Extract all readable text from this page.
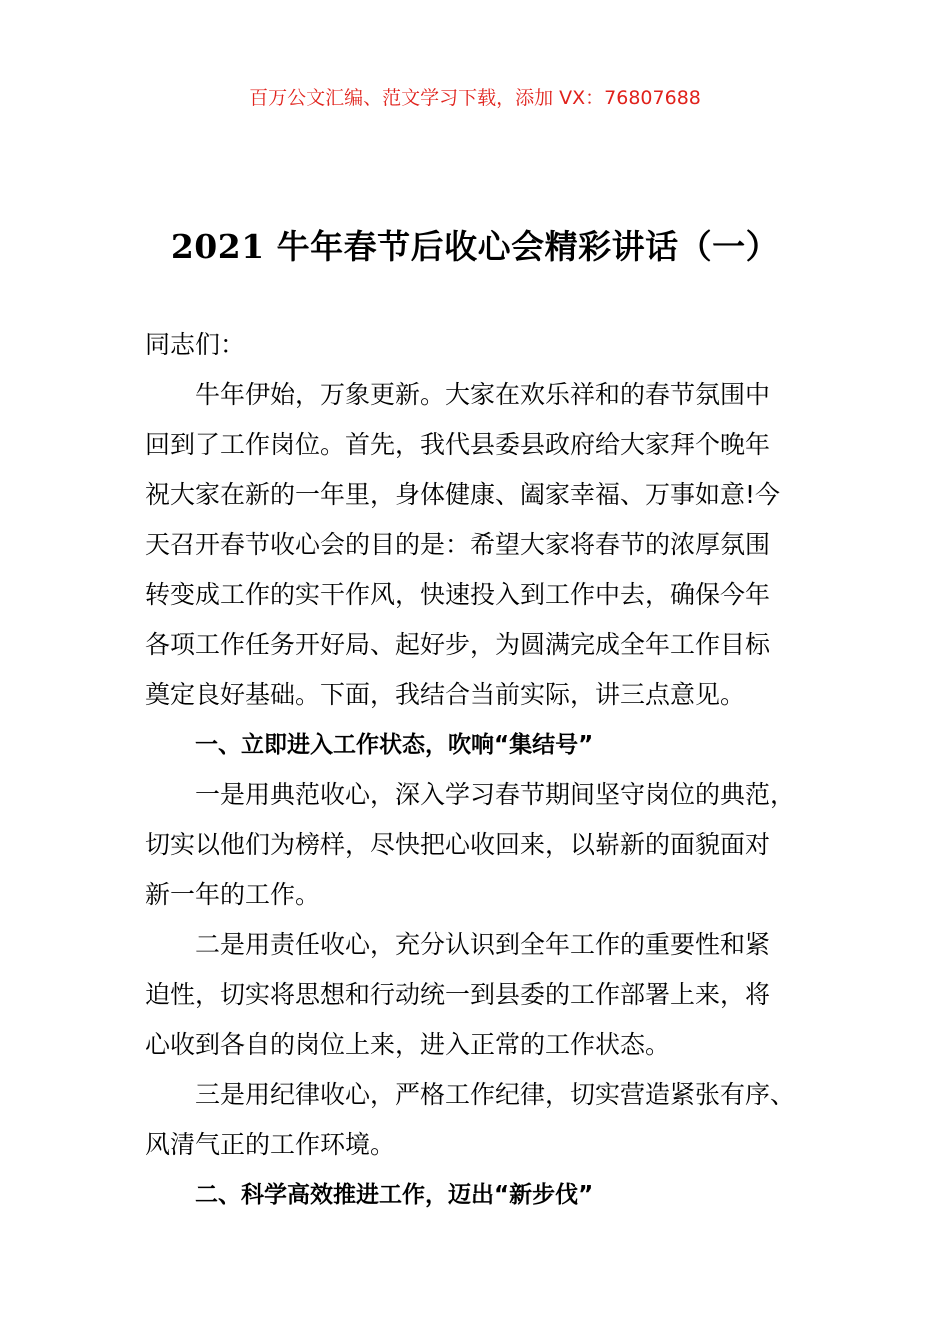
百万公文汇编、范文学习下载，添加 VX：76807688
2021 牛年春节后收心会精彩讲话（一）
同志们：
牛年伊始，万象更新。大家在欢乐祥和的春节氛围中
回到了工作岗位。首先，我代县委县政府给大家拜个晚年
祝大家在新的一年里，身体健康、阖家幸福、万事如意!今
天召开春节收心会的目的是：希望大家将春节的浓厚氛围
转变成工作的实干作风，快速投入到工作中去，确保今年
各项工作任务开好局、起好步，为圆满完成全年工作目标
奠定良好基础。下面，我结合当前实际，讲三点意见。
一、立即进入工作状态，吹响“集结号”
一是用典范收心，深入学习春节期间坚守岗位的典范，
切实以他们为榜样，尽快把心收回来，以崭新的面貌面对
新一年的工作。
二是用责任收心，充分认识到全年工作的重要性和紧
迫性，切实将思想和行动统一到县委的工作部署上来，将
心收到各自的岗位上来，进入正常的工作状态。
三是用纪律收心，严格工作纪律，切实营造紧张有序、
风清气正的工作环境。
二、科学高效推进工作，迈出“新步伐”
